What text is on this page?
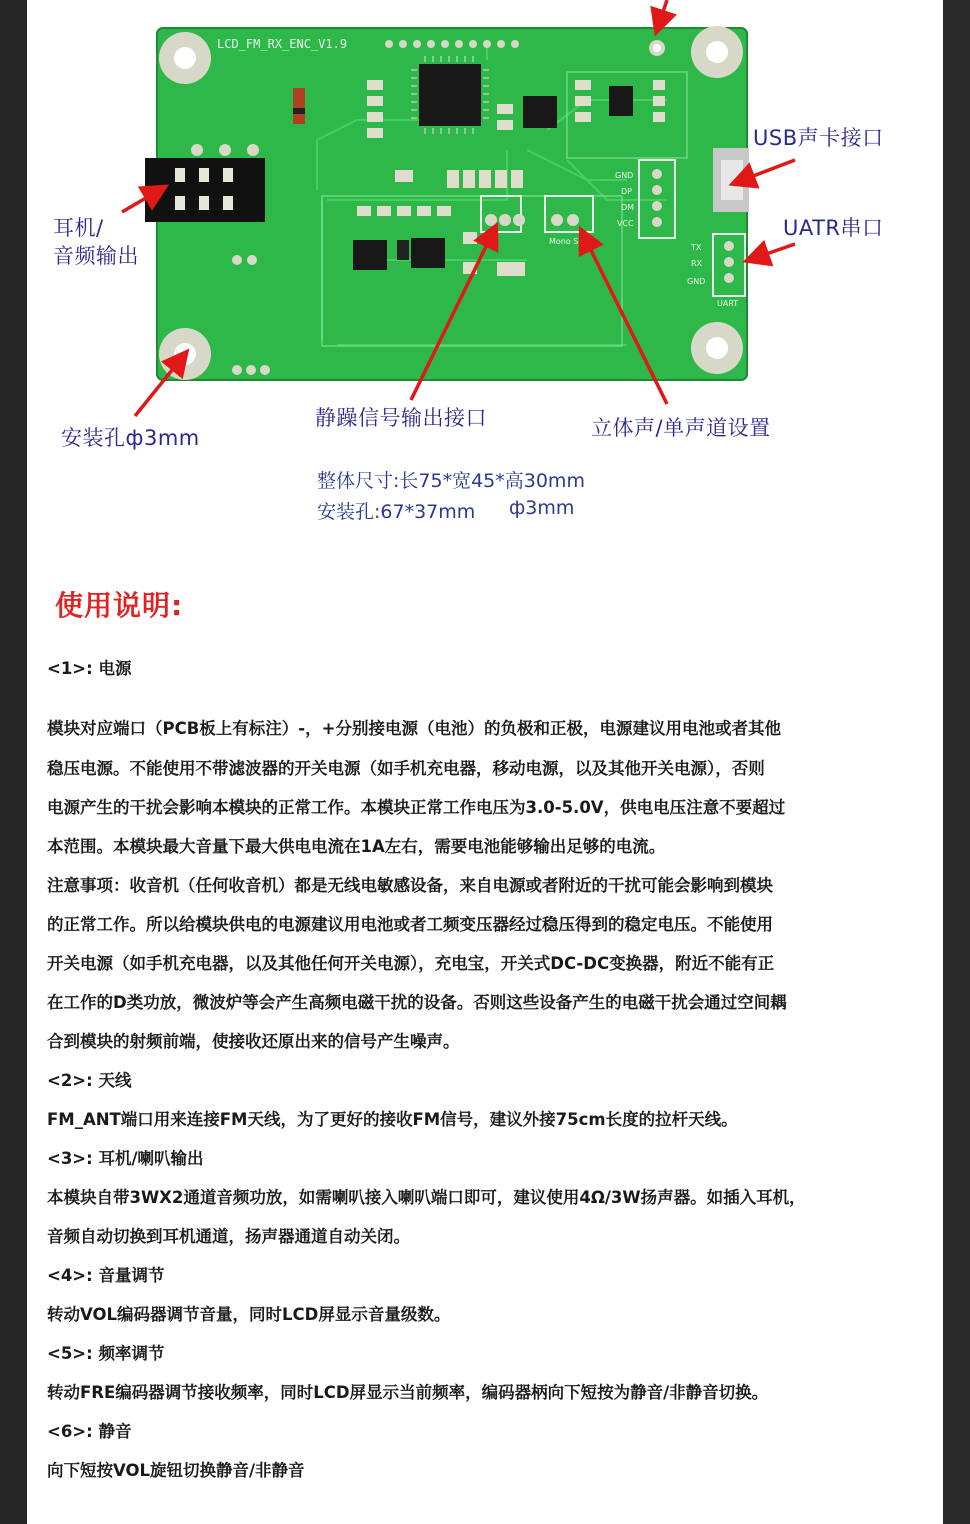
LCD_FM_RX_ENC_V1.9
GND
DP
DM
VCC
TX
RX
GND
UART
Mono Stere
USB声卡接口
UATR串口
耳机/
音频输出
安装孔ф3mm
静躁信号输出接口	立体声/单声道设置
整体尺寸:长75*宽45*高30mm
安装孔:67*37mm ф3mm
使用说明:
<1>: 电源
模块对应端口（PCB板上有标注）-，+分别接电源（电池）的负极和正极，电源建议用电池或者其他
稳压电源。不能使用不带滤波器的开关电源（如手机充电器，移动电源，以及其他开关电源），否则
电源产生的干扰会影响本模块的正常工作。本模块正常工作电压为3.0-5.0V，供电电压注意不要超过
本范围。本模块最大音量下最大供电电流在1A左右，需要电池能够输出足够的电流。
注意事项：收音机（任何收音机）都是无线电敏感设备，来自电源或者附近的干扰可能会影响到模块
的正常工作。所以给模块供电的电源建议用电池或者工频变压器经过稳压得到的稳定电压。不能使用
开关电源（如手机充电器，以及其他任何开关电源），充电宝，开关式DC-DC变换器，附近不能有正
在工作的D类功放，微波炉等会产生高频电磁干扰的设备。否则这些设备产生的电磁干扰会通过空间耦
合到模块的射频前端，使接收还原出来的信号产生噪声。
<2>: 天线
FM_ANT端口用来连接FM天线，为了更好的接收FM信号，建议外接75cm长度的拉杆天线。
<3>: 耳机/喇叭输出
本模块自带3WX2通道音频功放，如需喇叭接入喇叭端口即可，建议使用4Ω/3W扬声器。如插入耳机，
音频自动切换到耳机通道，扬声器通道自动关闭。
<4>: 音量调节
转动VOL编码器调节音量，同时LCD屏显示音量级数。
<5>: 频率调节
转动FRE编码器调节接收频率，同时LCD屏显示当前频率，编码器柄向下短按为静音/非静音切换。
<6>: 静音
向下短按VOL旋钮切换静音/非静音
